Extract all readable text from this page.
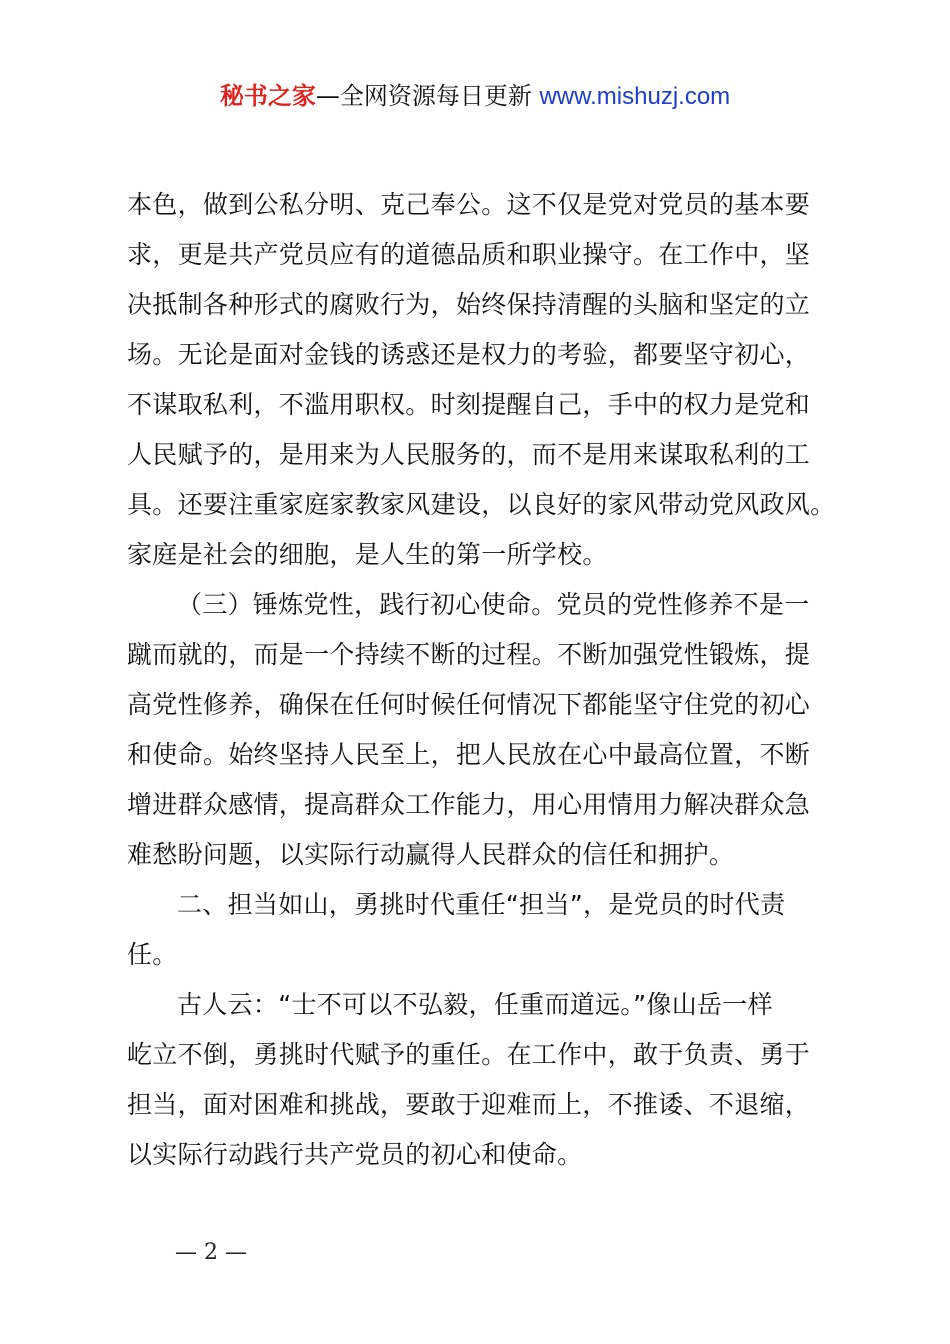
秘书之家—全网资源每日更新 www.mishuzj.com
本色，做到公私分明、克己奉公。这不仅是党对党员的基本要
求，更是共产党员应有的道德品质和职业操守。在工作中，坚
决抵制各种形式的腐败行为，始终保持清醒的头脑和坚定的立
场。无论是面对金钱的诱惑还是权力的考验，都要坚守初心，
不谋取私利，不滥用职权。时刻提醒自己，手中的权力是党和
人民赋予的，是用来为人民服务的，而不是用来谋取私利的工
具。还要注重家庭家教家风建设，以良好的家风带动党风政风。
家庭是社会的细胞，是人生的第一所学校。
（三）锤炼党性，践行初心使命。党员的党性修养不是一
蹴而就的，而是一个持续不断的过程。不断加强党性锻炼，提
高党性修养，确保在任何时候任何情况下都能坚守住党的初心
和使命。始终坚持人民至上，把人民放在心中最高位置，不断
增进群众感情，提高群众工作能力，用心用情用力解决群众急
难愁盼问题，以实际行动赢得人民群众的信任和拥护。
二、担当如山，勇挑时代重任“担当”，是党员的时代责
任。
古人云：“士不可以不弘毅，任重而道远。”像山岳一样
屹立不倒，勇挑时代赋予的重任。在工作中，敢于负责、勇于
担当，面对困难和挑战，要敢于迎难而上，不推诿、不退缩，
以实际行动践行共产党员的初心和使命。
— 2 —
